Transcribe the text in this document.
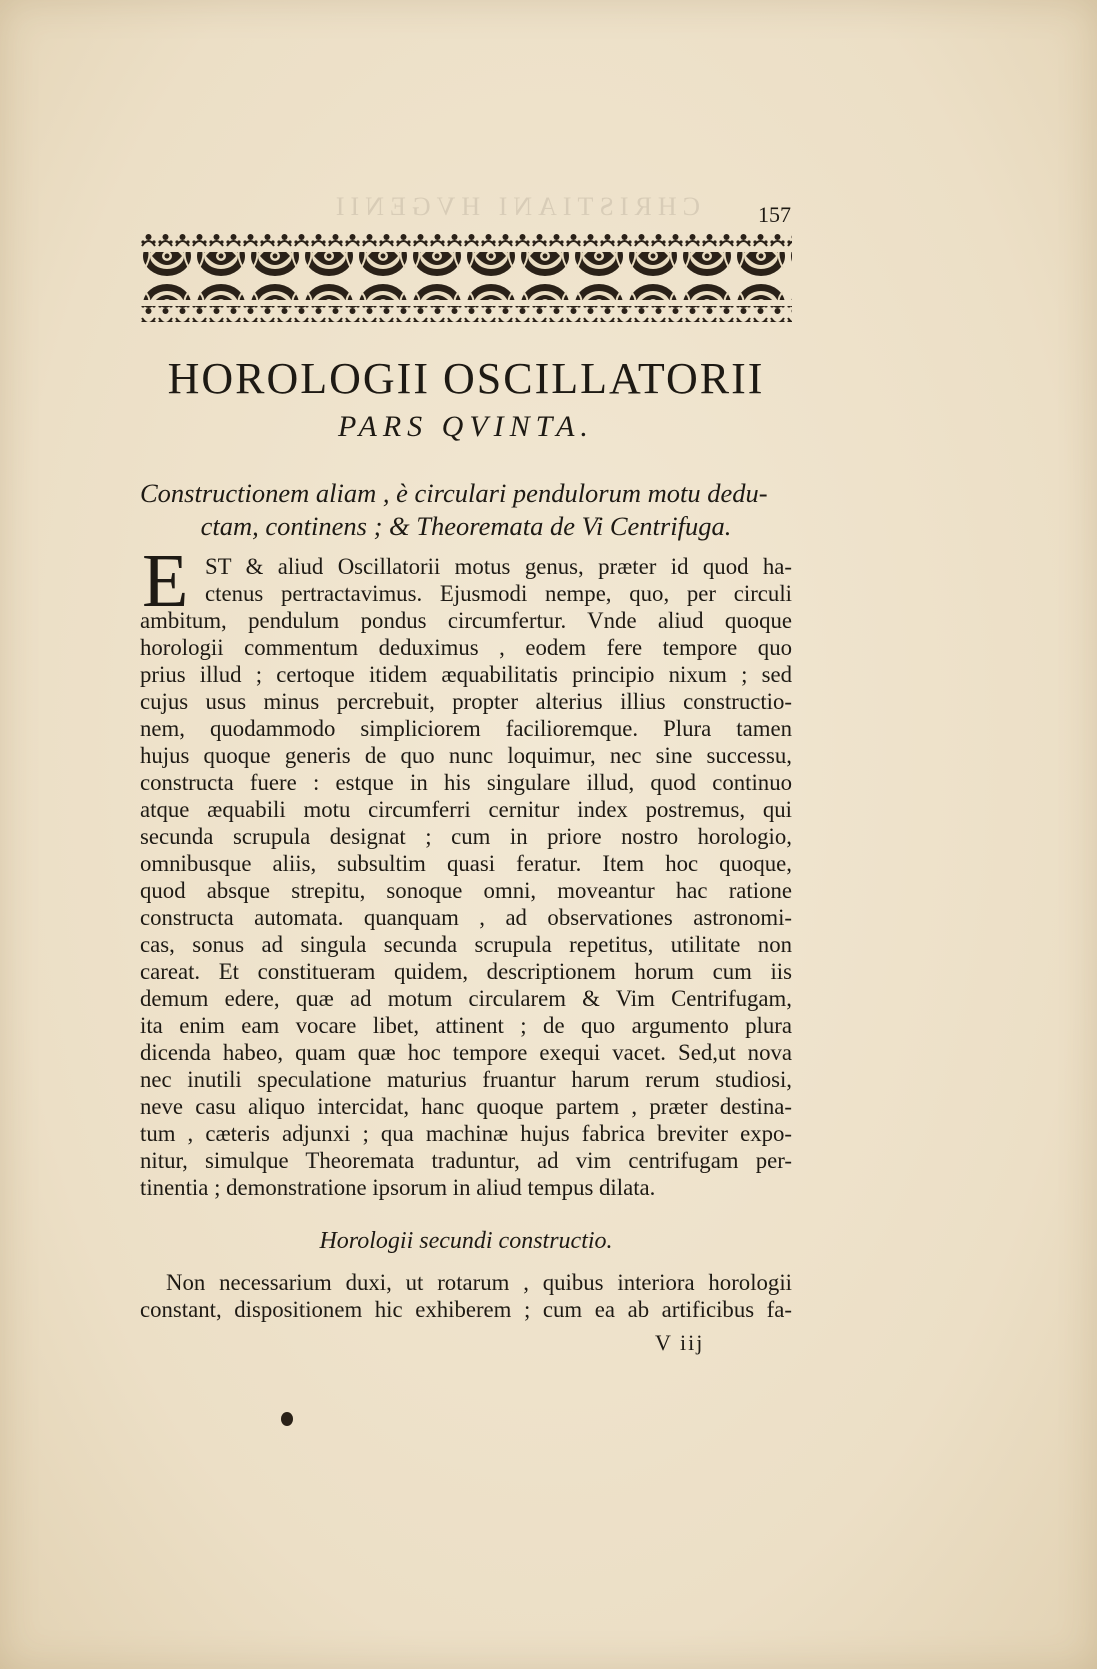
CHRISTIANI HVGENII	157
HOROLOGII OSCILLATORII
PARS QVINTA.
Constructionem aliam , è circulari pendulorum motu dedu-
ctam, continens ; & Theoremata de Vi Centrifuga.
E ST & aliud Oscillatorii motus genus, præter id quod ha-
ctenus pertractavimus. Ejusmodi nempe, quo, per circuli
ambitum, pendulum pondus circumfertur. Vnde aliud quoque
horologii commentum deduximus , eodem fere tempore quo
prius illud ; certoque itidem æquabilitatis principio nixum ; sed
cujus usus minus percrebuit, propter alterius illius constructio-
nem, quodammodo simpliciorem faciliоremque. Plura tamen
hujus quoque generis de quo nunc loquimur, nec sine successu,
constructa fuere : estque in his singulare illud, quod continuo
atque æquabili motu circumferri cernitur index postremus, qui
secunda scrupula designat ; cum in priore nostro horologio,
omnibusque aliis, subsultim quasi feratur. Item hoc quoque,
quod absque strepitu, sonoque omni, moveantur hac ratione
constructa automata. quanquam , ad observationes astronomi-
cas, sonus ad singula secunda scrupula repetitus, utilitate non
careat. Et constitueram quidem, descriptionem horum cum iis
demum edere, quæ ad motum circularem & Vim Centrifugam,
ita enim eam vocare libet, attinent ; de quo argumento plura
dicenda habeo, quam quæ hoc tempore exequi vacet. Sed,ut nova
nec inutili speculatione maturius fruantur harum rerum studiosi,
neve casu aliquo intercidat, hanc quoque partem , præter destina-
tum , cæteris adjunxi ; qua machinæ hujus fabrica breviter expo-
nitur, simulque Theoremata traduntur, ad vim centrifugam per-
tinentia ; demonstratione ipsorum in aliud tempus dilata.
Horologii secundi constructio.
Non necessarium duxi, ut rotarum , quibus interiora horologii
constant, dispositionem hic exhiberem ; cum ea ab artificibus fa-
V iij
